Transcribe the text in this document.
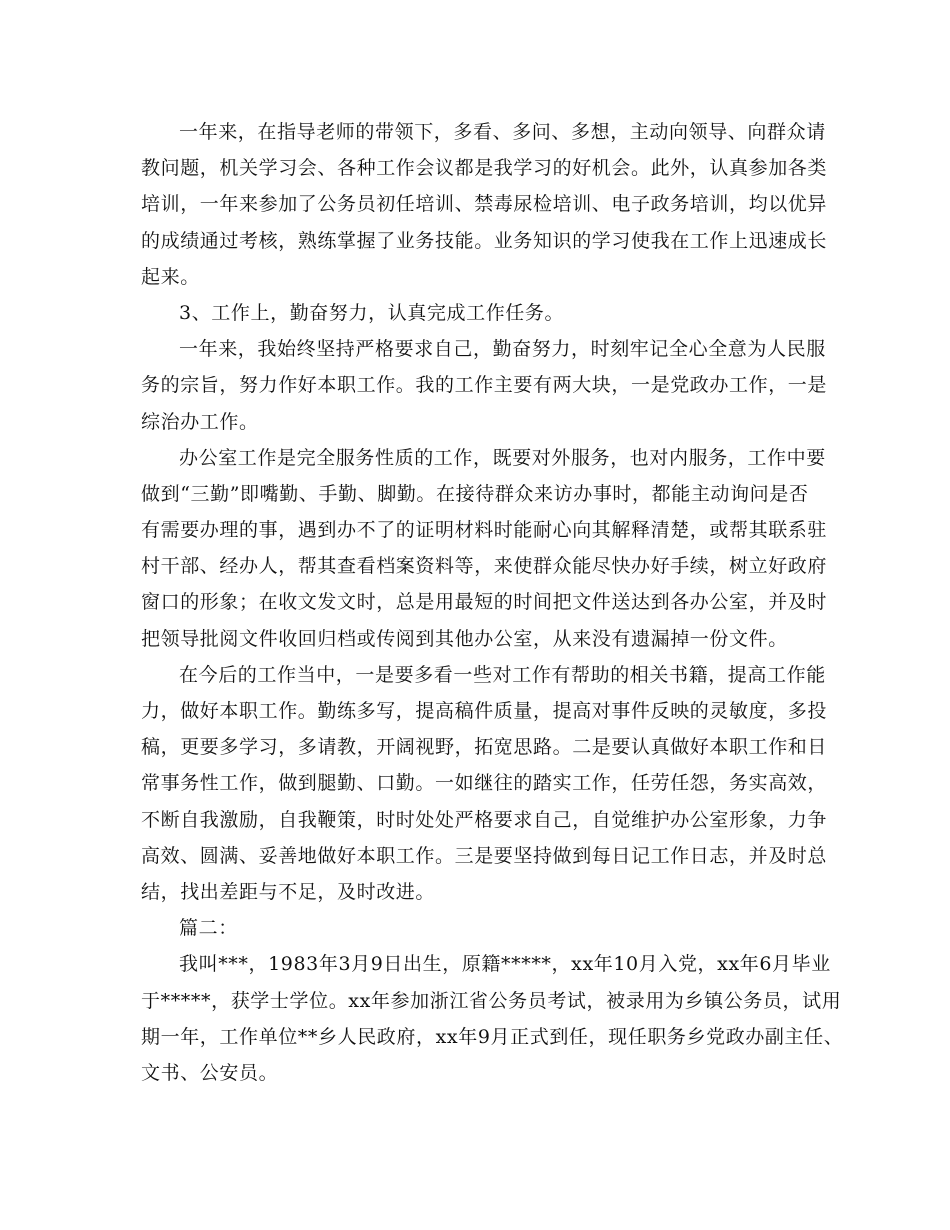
一年来，在指导老师的带领下，多看、多问、多想，主动向领导、向群众请
教问题，机关学习会、各种工作会议都是我学习的好机会。此外，认真参加各类
培训，一年来参加了公务员初任培训、禁毒尿检培训、电子政务培训，均以优异
的成绩通过考核，熟练掌握了业务技能。业务知识的学习使我在工作上迅速成长
起来。
3、工作上，勤奋努力，认真完成工作任务。
一年来，我始终坚持严格要求自己，勤奋努力，时刻牢记全心全意为人民服
务的宗旨，努力作好本职工作。我的工作主要有两大块，一是党政办工作，一是
综治办工作。
办公室工作是完全服务性质的工作，既要对外服务，也对内服务，工作中要
做到“三勤”即嘴勤、手勤、脚勤。在接待群众来访办事时，都能主动询问是否
有需要办理的事，遇到办不了的证明材料时能耐心向其解释清楚，或帮其联系驻
村干部、经办人，帮其查看档案资料等，来使群众能尽快办好手续，树立好政府
窗口的形象；在收文发文时，总是用最短的时间把文件送达到各办公室，并及时
把领导批阅文件收回归档或传阅到其他办公室，从来没有遗漏掉一份文件。
在今后的工作当中，一是要多看一些对工作有帮助的相关书籍，提高工作能
力，做好本职工作。勤练多写，提高稿件质量，提高对事件反映的灵敏度，多投
稿，更要多学习，多请教，开阔视野，拓宽思路。二是要认真做好本职工作和日
常事务性工作，做到腿勤、口勤。一如继往的踏实工作，任劳任怨，务实高效，
不断自我激励，自我鞭策，时时处处严格要求自己，自觉维护办公室形象，力争
高效、圆满、妥善地做好本职工作。三是要坚持做到每日记工作日志，并及时总
结，找出差距与不足，及时改进。
篇二：
我叫***，1983年3月9日出生，原籍*****，xx年10月入党，xx年6月毕业
于*****，获学士学位。xx年参加浙江省公务员考试，被录用为乡镇公务员，试用
期一年，工作单位**乡人民政府，xx年9月正式到任，现任职务乡党政办副主任、
文书、公安员。
